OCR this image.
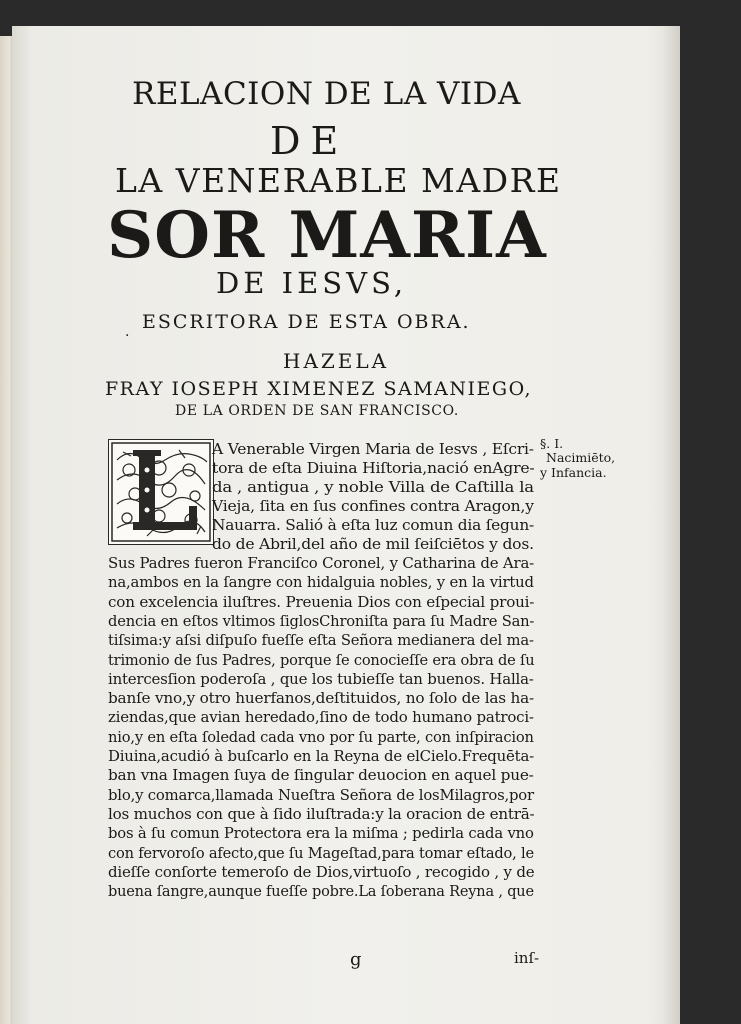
RELACION DE LA VIDA
DE
LA VENERABLE MADRE
SOR MARIA
DE IESVS,
·
ESCRITORA DE ESTA OBRA.
HAZELA
FRAY IOSEPH XIMENEZ SAMANIEGO,
DE LA ORDEN DE SAN FRANCISCO.
§. I.
Nacimiēto,
y Infancia.
g	inſ-
A Venerable Virgen Maria de Iesvs , Eſcri-
tora de eſta Diuina Hiſtoria,nació enAgre-
da , antigua , y noble Villa de Caſtilla la
Vieja, ſita en ſus confines contra Aragon,y
Nauarra. Salió à eſta luz comun dia ſegun-
do de Abril,del año de mil ſeiſciētos y dos.
Sus Padres fueron Franciſco Coronel, y Catharina de Ara-
na,ambos en la ſangre con hidalguia nobles, y en la virtud
con excelencia iluſtres. Preuenia Dios con eſpecial proui-
dencia en eſtos vltimos ſiglosChroniſta para ſu Madre San-
tiſsima:y aſsi diſpuſo fueſſe eſta Señora medianera del ma-
trimonio de ſus Padres, porque ſe conocieſſe era obra de ſu
intercesſion poderoſa , que los tubieſſe tan buenos. Halla-
banſe vno,y otro huerfanos,deſtituidos, no ſolo de las ha-
ziendas,que avian heredado,ſino de todo humano patroci-
nio,y en eſta ſoledad cada vno por ſu parte, con inſpiracion
Diuina,acudió à buſcarlo en la Reyna de elCielo.Frequēta-
ban vna Imagen ſuya de ſingular deuocion en aquel pue-
blo,y comarca,llamada Nueſtra Señora de losMilagros,por
los muchos con que à ſido iluſtrada:y la oracion de entrā-
bos à ſu comun Protectora era la miſma ; pedirla cada vno
con fervoroſo afecto,que ſu Mageſtad,para tomar eſtado, le
dieſſe conſorte temeroſo de Dios,virtuoſo , recogido , y de
buena ſangre,aunque fueſſe pobre.La ſoberana Reyna , que
